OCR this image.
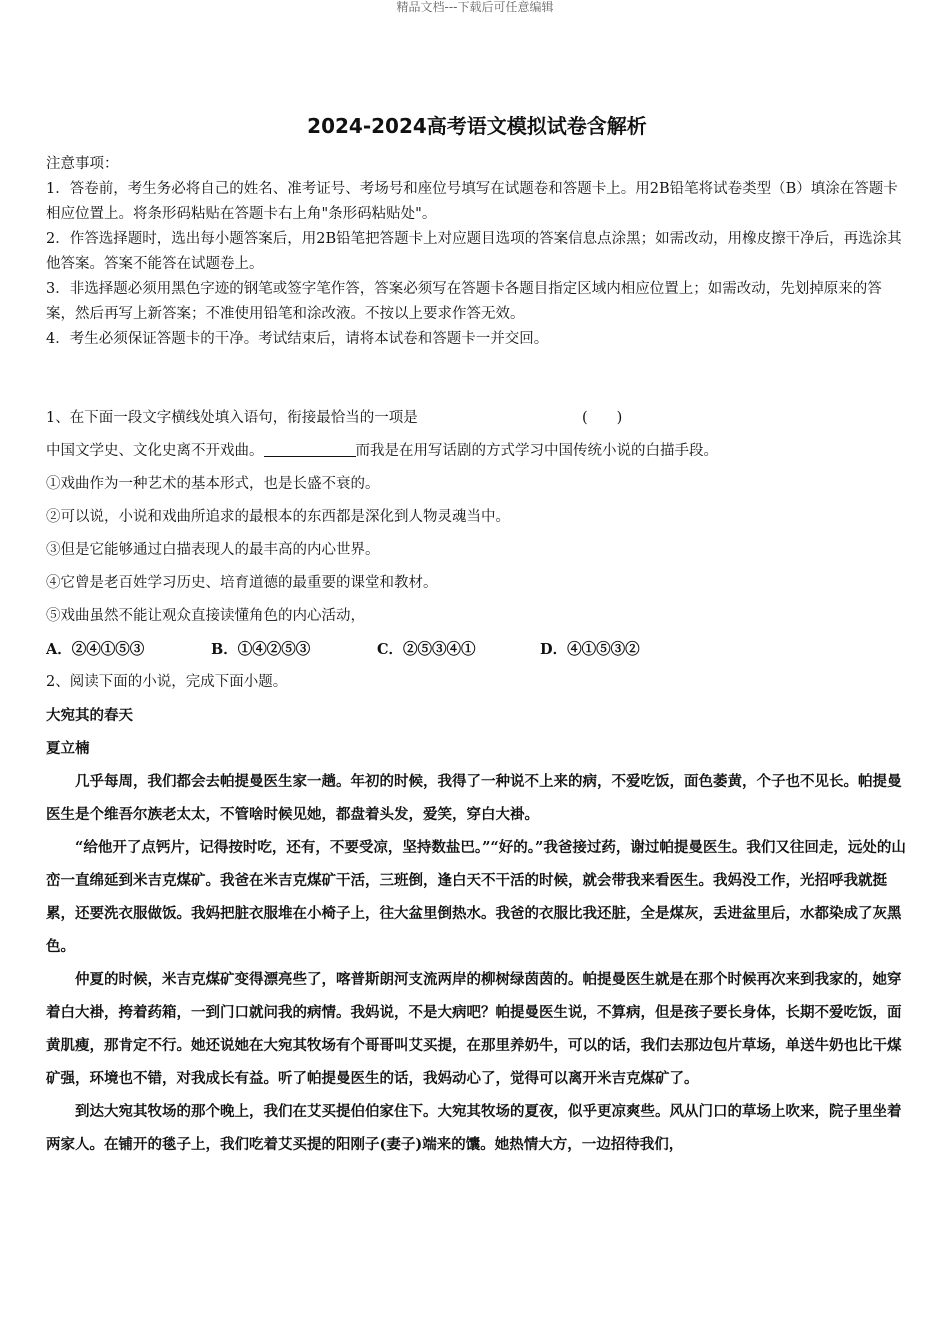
精品文档---下载后可任意编辑
2024-2024高考语文模拟试卷含解析

注意事项：

1．答卷前，考生务必将自己的姓名、准考证号、考场号和座位号填写在试题卷和答题卡上。用2B铅笔将试卷类型（B）填涂在答题卡相应位置上。将条形码粘贴在答题卡右上角"条形码粘贴处"。

2．作答选择题时，选出每小题答案后，用2B铅笔把答题卡上对应题目选项的答案信息点涂黑；如需改动，用橡皮擦干净后，再选涂其他答案。答案不能答在试题卷上。

3．非选择题必须用黑色字迹的钢笔或签字笔作答，答案必须写在答题卡各题目指定区域内相应位置上；如需改动，先划掉原来的答案，然后再写上新答案；不准使用铅笔和涂改液。不按以上要求作答无效。

4．考生必须保证答题卡的干净。考试结束后，请将本试卷和答题卡一并交回。

1、在下面一段文字横线处填入语句，衔接最恰当的一项是	(　　)

中国文学史、文化史离不开戏曲。	而我是在用写话剧的方式学习中国传统小说的白描手段。

①戏曲作为一种艺术的基本形式，也是长盛不衰的。

②可以说，小说和戏曲所追求的最根本的东西都是深化到人物灵魂当中。

③但是它能够通过白描表现人的最丰高的内心世界。

④它曾是老百姓学习历史、培育道德的最重要的课堂和教材。

⑤戏曲虽然不能让观众直接读懂角色的内心活动，

A．②④①⑤③	B．①④②⑤③	C．②⑤③④①	D．④①⑤③②

2、阅读下面的小说，完成下面小题。

大宛其的春天

夏立楠

几乎每周，我们都会去帕提曼医生家一趟。年初的时候，我得了一种说不上来的病，不爱吃饭，面色萎黄，个子也不见长。帕提曼医生是个维吾尔族老太太，不管啥时候见她，都盘着头发，爱笑，穿白大褂。

“给他开了点钙片，记得按时吃，还有，不要受凉，坚持数盐巴。”“好的。”我爸接过药，谢过帕提曼医生。我们又往回走，远处的山峦一直绵延到米吉克煤矿。我爸在米吉克煤矿干活，三班倒，逢白天不干活的时候，就会带我来看医生。我妈没工作，光招呼我就挺累，还要洗衣服做饭。我妈把脏衣服堆在小椅子上，往大盆里倒热水。我爸的衣服比我还脏，全是煤灰，丢进盆里后，水都染成了灰黑色。

仲夏的时候，米吉克煤矿变得漂亮些了，喀普斯朗河支流两岸的柳树绿茵茵的。帕提曼医生就是在那个时候再次来到我家的，她穿着白大褂，挎着药箱，一到门口就问我的病情。我妈说，不是大病吧？帕提曼医生说，不算病，但是孩子要长身体，长期不爱吃饭，面黄肌瘦，那肯定不行。她还说她在大宛其牧场有个哥哥叫艾买提，在那里养奶牛，可以的话，我们去那边包片草场，单送牛奶也比干煤矿强，环境也不错，对我成长有益。听了帕提曼医生的话，我妈动心了，觉得可以离开米吉克煤矿了。

到达大宛其牧场的那个晚上，我们在艾买提伯伯家住下。大宛其牧场的夏夜，似乎更凉爽些。风从门口的草场上吹来，院子里坐着两家人。在铺开的毯子上，我们吃着艾买提的阳刚子(妻子)端来的馕。她热情大方，一边招待我们，
